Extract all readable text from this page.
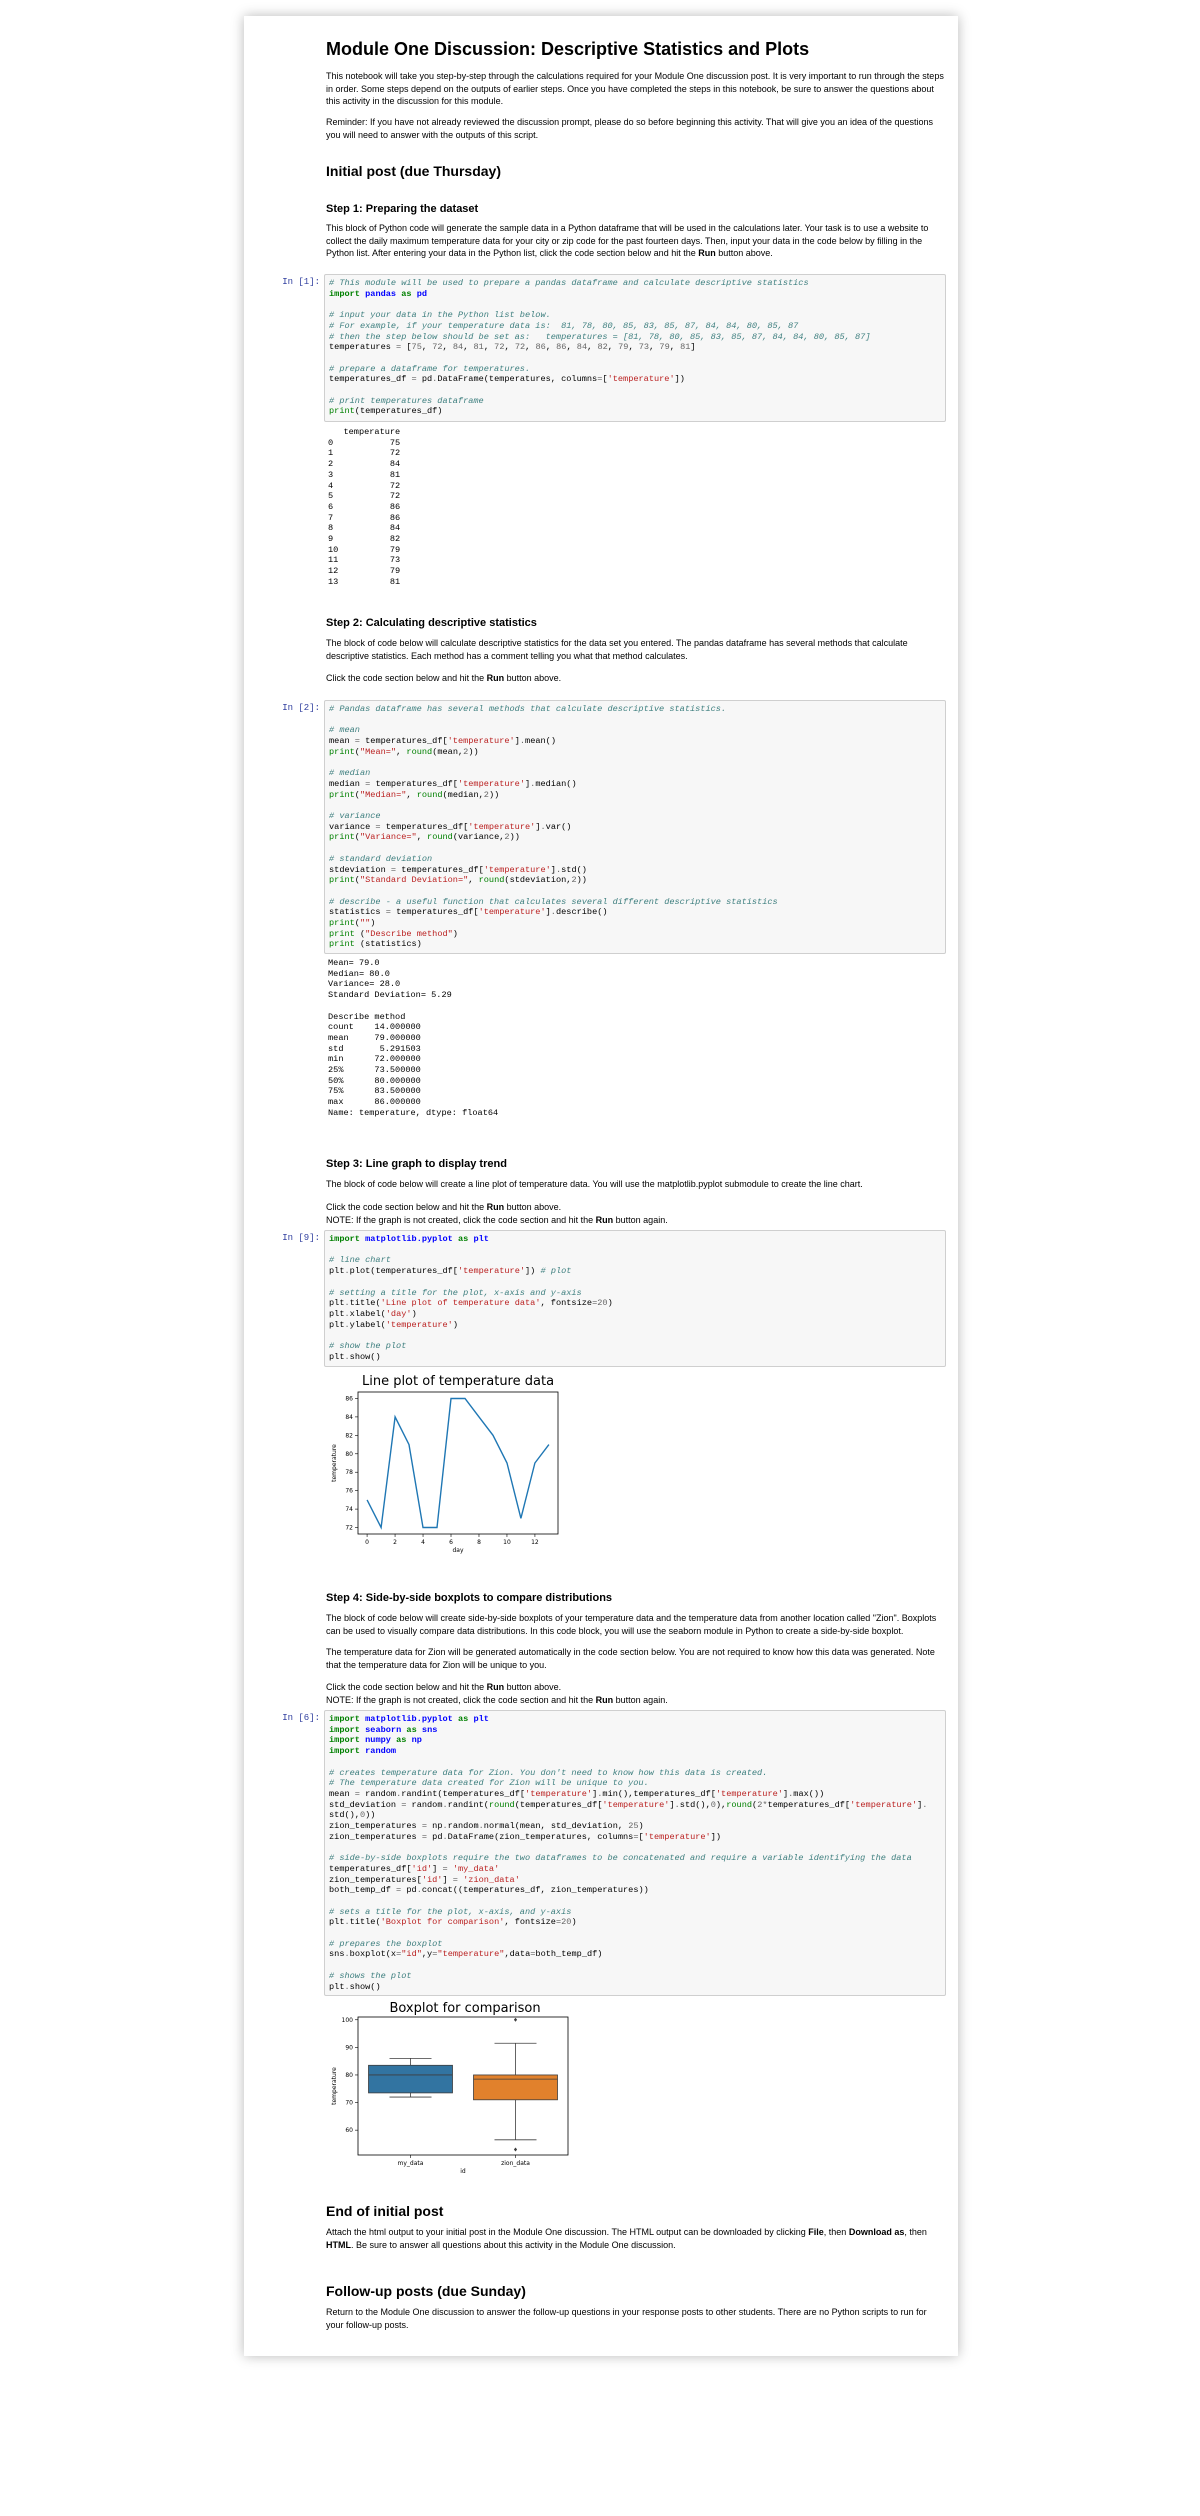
Module One Discussion: Descriptive Statistics and Plots
This notebook will take you step-by-step through the calculations required for your Module One discussion post. It is very important to run through the steps in order. Some steps depend on the outputs of earlier steps. Once you have completed the steps in this notebook, be sure to answer the questions about this activity in the discussion for this module.
Reminder: If you have not already reviewed the discussion prompt, please do so before beginning this activity. That will give you an idea of the questions you will need to answer with the outputs of this script.
Initial post (due Thursday)
Step 1: Preparing the dataset
This block of Python code will generate the sample data in a Python dataframe that will be used in the calculations later. Your task is to use a website to collect the daily maximum temperature data for your city or zip code for the past fourteen days. Then, input your data in the code below by filling in the Python list. After entering your data in the Python list, click the code section below and hit the Run button above.
In [1]:	# This module will be used to prepare a pandas dataframe and calculate descriptive statistics
import pandas as pd

# input your data in the Python list below.
# For example, if your temperature data is:  81, 78, 80, 85, 83, 85, 87, 84, 84, 80, 85, 87
# then the step below should be set as:   temperatures = [81, 78, 80, 85, 83, 85, 87, 84, 84, 80, 85, 87]
temperatures = [75, 72, 84, 81, 72, 72, 86, 86, 84, 82, 79, 73, 79, 81]

# prepare a dataframe for temperatures.
temperatures_df = pd.DataFrame(temperatures, columns=['temperature'])

# print temperatures dataframe
print(temperatures_df)
temperature
0           75
1           72
2           84
3           81
4           72
5           72
6           86
7           86
8           84
9           82
10          79
11          73
12          79
13          81
Step 2: Calculating descriptive statistics
The block of code below will calculate descriptive statistics for the data set you entered. The pandas dataframe has several methods that calculate descriptive statistics. Each method has a comment telling you what that method calculates.
Click the code section below and hit the Run button above.
In [2]:	# Pandas dataframe has several methods that calculate descriptive statistics.

# mean
mean = temperatures_df['temperature'].mean()
print("Mean=", round(mean,2))

# median
median = temperatures_df['temperature'].median()
print("Median=", round(median,2))

# variance
variance = temperatures_df['temperature'].var()
print("Variance=", round(variance,2))

# standard deviation
stdeviation = temperatures_df['temperature'].std()
print("Standard Deviation=", round(stdeviation,2))

# describe - a useful function that calculates several different descriptive statistics
statistics = temperatures_df['temperature'].describe()
print("")
print ("Describe method")
print (statistics)
Mean= 79.0
Median= 80.0
Variance= 28.0
Standard Deviation= 5.29

Describe method
count    14.000000
mean     79.000000
std       5.291503
min      72.000000
25%      73.500000
50%      80.000000
75%      83.500000
max      86.000000
Name: temperature, dtype: float64
Step 3: Line graph to display trend
The block of code below will create a line plot of temperature data. You will use the matplotlib.pyplot submodule to create the line chart.

Click the code section below and hit the Run button above.

NOTE: If the graph is not created, click the code section and hit the Run button again.

In [9]:	import matplotlib.pyplot as plt

# line chart
plt.plot(temperatures_df['temperature']) # plot

# setting a title for the plot, x-axis and y-axis
plt.title('Line plot of temperature data', fontsize=20)
plt.xlabel('day')
plt.ylabel('temperature')

# show the plot
plt.show()
Line plot of temperature data
0	2	4	6	8	10	12
72
74
76
78
80
82
84
86
day
temperature
Step 4: Side-by-side boxplots to compare distributions
The block of code below will create side-by-side boxplots of your temperature data and the temperature data from another location called "Zion". Boxplots can be used to visually compare data distributions. In this code block, you will use the seaborn module in Python to create a side-by-side boxplot.
The temperature data for Zion will be generated automatically in the code section below. You are not required to know how this data was generated. Note that the temperature data for Zion will be unique to you.

Click the code section below and hit the Run button above.

NOTE: If the graph is not created, click the code section and hit the Run button again.

In [6]:	import matplotlib.pyplot as plt
import seaborn as sns
import numpy as np
import random

# creates temperature data for Zion. You don't need to know how this data is created.
# The temperature data created for Zion will be unique to you.
mean = random.randint(temperatures_df['temperature'].min(),temperatures_df['temperature'].max())
std_deviation = random.randint(round(temperatures_df['temperature'].std(),0),round(2*temperatures_df['temperature'].
std(),0))
zion_temperatures = np.random.normal(mean, std_deviation, 25)
zion_temperatures = pd.DataFrame(zion_temperatures, columns=['temperature'])

# side-by-side boxplots require the two dataframes to be concatenated and require a variable identifying the data
temperatures_df['id'] = 'my_data'
zion_temperatures['id'] = 'zion_data'
both_temp_df = pd.concat((temperatures_df, zion_temperatures))

# sets a title for the plot, x-axis, and y-axis
plt.title('Boxplot for comparison', fontsize=20)

# prepares the boxplot
sns.boxplot(x="id",y="temperature",data=both_temp_df)

# shows the plot
plt.show()
Boxplot for comparison
60
70
80
90
100
my_data	zion_data
id
temperature
End of initial post
Attach the html output to your initial post in the Module One discussion. The HTML output can be downloaded by clicking File, then Download as, then HTML. Be sure to answer all questions about this activity in the Module One discussion.
Follow-up posts (due Sunday)
Return to the Module One discussion to answer the follow-up questions in your response posts to other students. There are no Python scripts to run for your follow-up posts.
